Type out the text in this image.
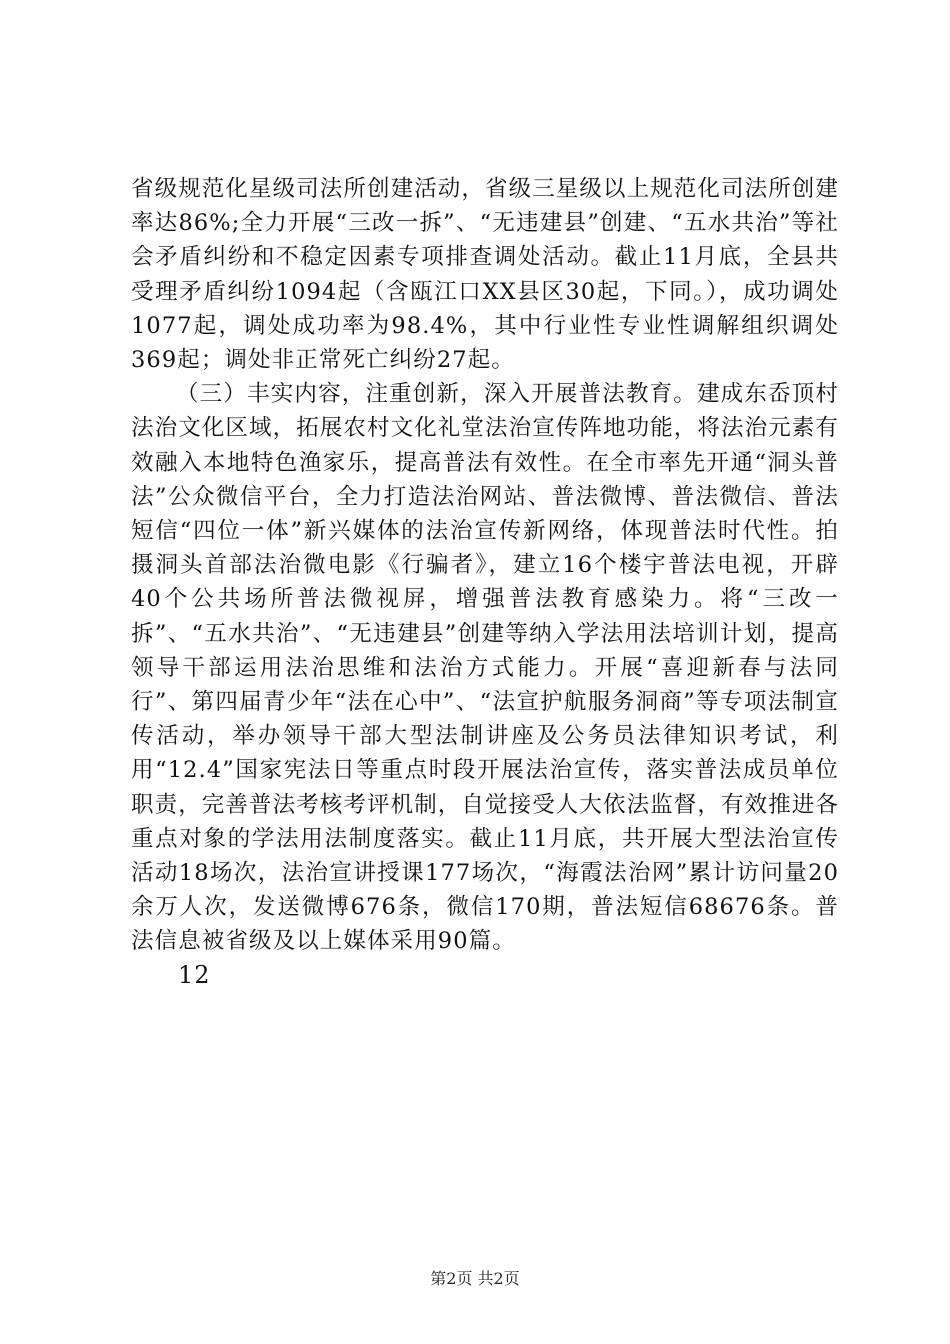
省级规范化星级司法所创建活动，省级三星级以上规范化司法所创建率达86%;全力开展“三改一拆”、“无违建县”创建、“五水共治”等社会矛盾纠纷和不稳定因素专项排查调处活动。截止11月底，全县共受理矛盾纠纷1094起（含瓯江口XX县区30起，下同。），成功调处1077起，调处成功率为98.4%，其中行业性专业性调解组织调处369起；调处非正常死亡纠纷27起。

（三）丰实内容，注重创新，深入开展普法教育。建成东岙顶村法治文化区域，拓展农村文化礼堂法治宣传阵地功能，将法治元素有效融入本地特色渔家乐，提高普法有效性。在全市率先开通“洞头普法”公众微信平台，全力打造法治网站、普法微博、普法微信、普法短信“四位一体”新兴媒体的法治宣传新网络，体现普法时代性。拍摄洞头首部法治微电影《行骗者》，建立16个楼宇普法电视，开辟40个公共场所普法微视屏，增强普法教育感染力。将“三改一拆”、“五水共治”、“无违建县”创建等纳入学法用法培训计划，提高领导干部运用法治思维和法治方式能力。开展“喜迎新春与法同行”、第四届青少年“法在心中”、“法宣护航服务洞商”等专项法制宣传活动，举办领导干部大型法制讲座及公务员法律知识考试，利用“12.4”国家宪法日等重点时段开展法治宣传，落实普法成员单位职责，完善普法考核考评机制，自觉接受人大依法监督，有效推进各重点对象的学法用法制度落实。截止11月底，共开展大型法治宣传活动18场次，法治宣讲授课177场次，“海霞法治网”累计访问量20余万人次，发送微博676条，微信170期，普法短信68676条。普法信息被省级及以上媒体采用90篇。

12
第2页 共2页
